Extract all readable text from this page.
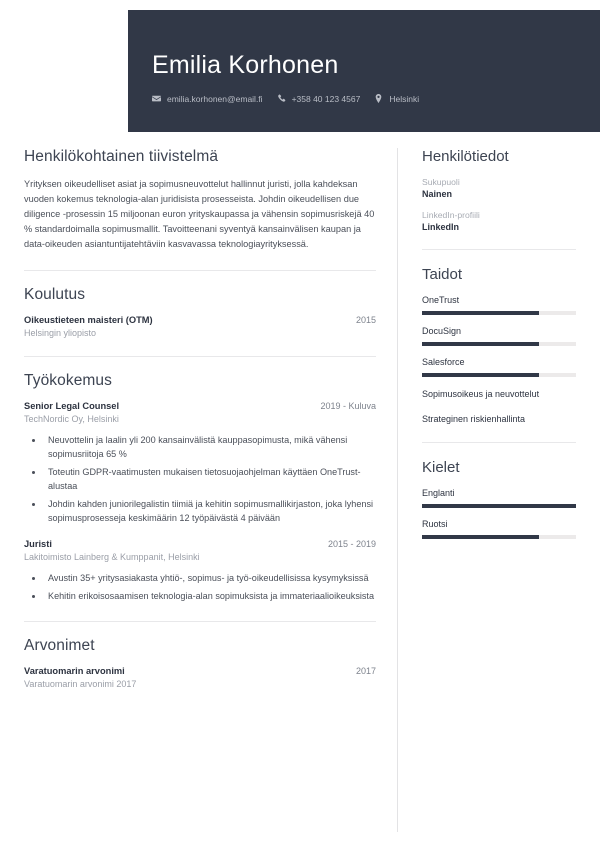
Emilia Korhonen
emilia.korhonen@email.fi	+358 40 123 4567	Helsinki
Henkilökohtainen tiivistelmä
Yrityksen oikeudelliset asiat ja sopimusneuvottelut hallinnut juristi, jolla kahdeksan vuoden kokemus teknologia-alan juridisista prosesseista. Johdin oikeudellisen due diligence -prosessin 15 miljoonan euron yrityskaupassa ja vähensin sopimusriskejä 40 % standardoimalla sopimusmallit. Tavoitteenani syventyä kansainvälisen kaupan ja data-oikeuden asiantuntijatehtäviin kasvavassa teknologiayrityksessä.
Koulutus
Oikeustieteen maisteri (OTM)	2015
Helsingin yliopisto
Työkokemus
Senior Legal Counsel	2019 - Kuluva
TechNordic Oy, Helsinki
• Neuvottelin ja laalin yli 200 kansainvälistä kauppasopimusta, mikä vähensi sopimusriitoja 65 %
• Toteutin GDPR-vaatimusten mukaisen tietosuojaohjelman käyttäen OneTrust-alustaa
• Johdin kahden juniorilegalistin tiimiä ja kehitin sopimusmallikirjaston, joka lyhensi sopimusprosesseja keskimäärin 12 työpäivästä 4 päivään
Juristi	2015 - 2019
Lakitoimisto Lainberg & Kumppanit, Helsinki
• Avustin 35+ yritysasiakasta yhtiö-, sopimus- ja työ-oikeudellisissa kysymyksissä
• Kehitin erikoisosaamisen teknologia-alan sopimuksista ja immateriaalioikeuksista
Arvonimet
Varatuomarin arvonimi	2017
Varatuomarin arvonimi 2017
Henkilötiedot
Sukupuoli
Nainen
LinkedIn-profiili
LinkedIn
Taidot
OneTrust
DocuSign
Salesforce
Sopimusoikeus ja neuvottelut
Strateginen riskienhallinta
Kielet
Englanti
Ruotsi
